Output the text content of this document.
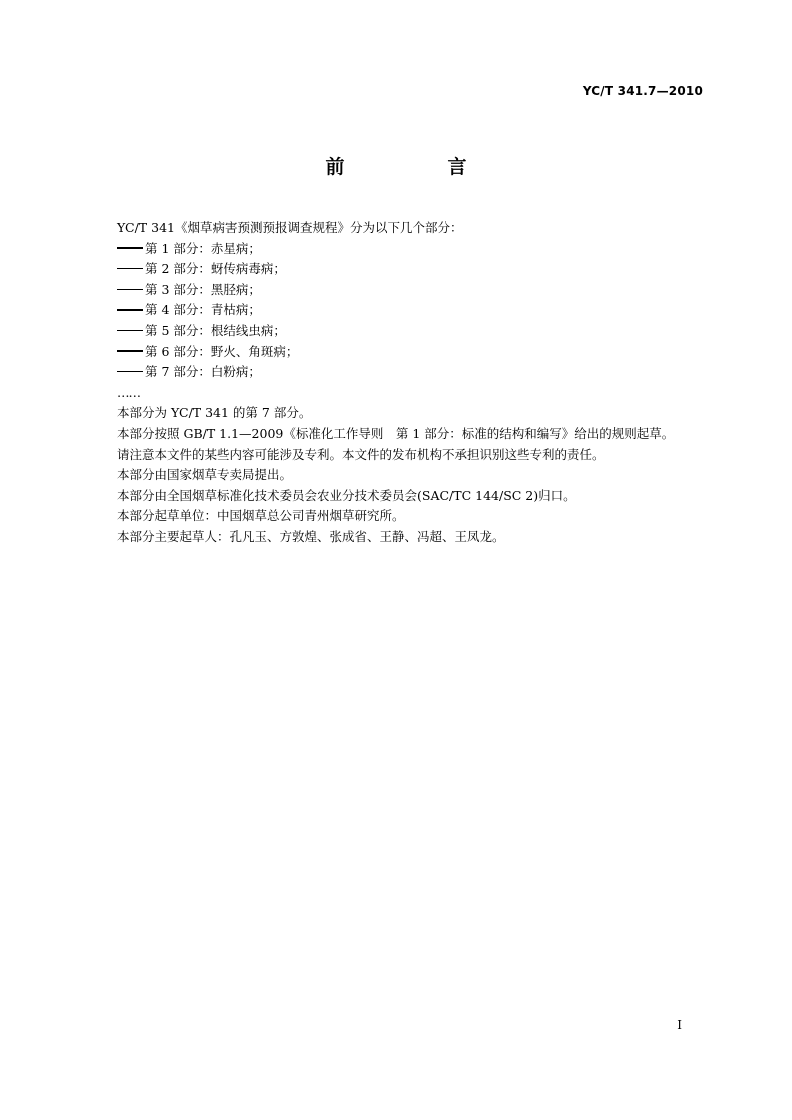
YC/T 341.7—2010
前　言
YC/T 341《烟草病害预测预报调查规程》分为以下几个部分：
第 1 部分：赤星病；
第 2 部分：蚜传病毒病；
第 3 部分：黑胫病；
第 4 部分：青枯病；
第 5 部分：根结线虫病；
第 6 部分：野火、角斑病；
第 7 部分：白粉病；
……
本部分为 YC/T 341 的第 7 部分。
本部分按照 GB/T 1.1—2009《标准化工作导则　第 1 部分：标准的结构和编写》给出的规则起草。
请注意本文件的某些内容可能涉及专利。本文件的发布机构不承担识别这些专利的责任。
本部分由国家烟草专卖局提出。
本部分由全国烟草标准化技术委员会农业分技术委员会(SAC/TC 144/SC 2)归口。
本部分起草单位：中国烟草总公司青州烟草研究所。
本部分主要起草人：孔凡玉、方敦煌、张成省、王静、冯超、王凤龙。
I
